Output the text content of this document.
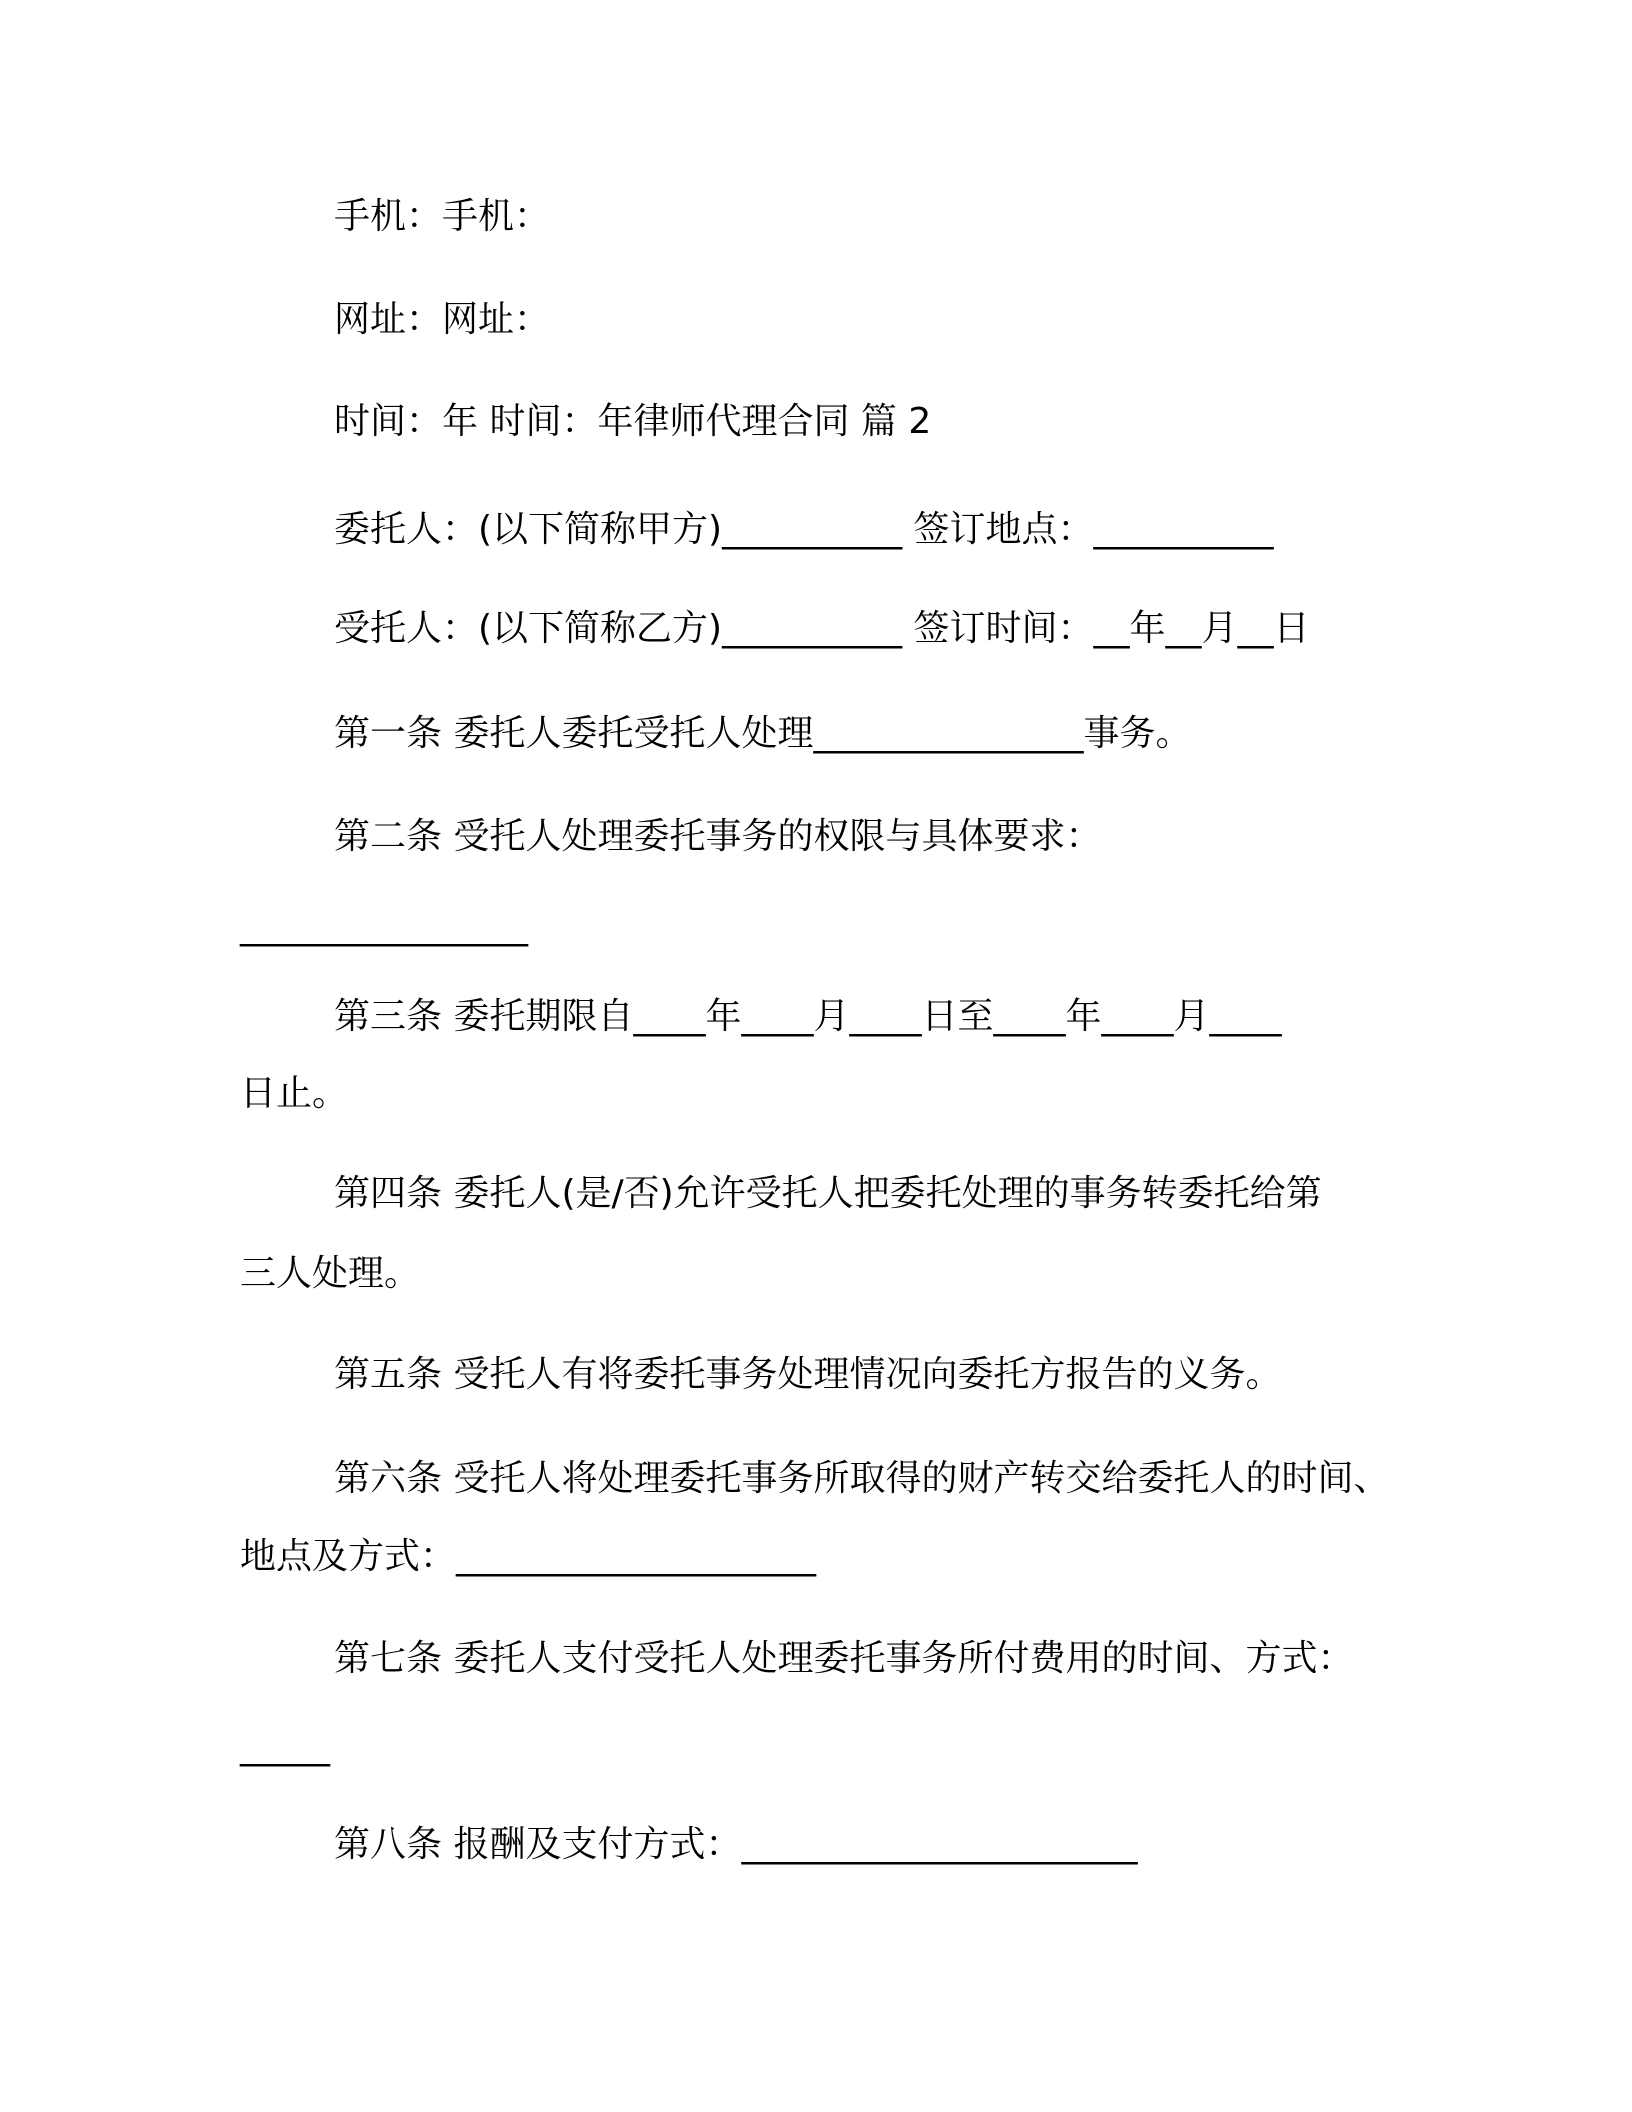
手机：手机：
网址：网址：
时间：年 时间：年律师代理合同 篇 2
委托人：(以下简称甲方)__________ 签订地点：__________
受托人：(以下简称乙方)__________ 签订时间：__年__月__日
第一条 委托人委托受托人处理_______________事务。
第二条 受托人处理委托事务的权限与具体要求：
________________
第三条 委托期限自____年____月____日至____年____月____
日止。
第四条 委托人(是/否)允许受托人把委托处理的事务转委托给第
三人处理。
第五条 受托人有将委托事务处理情况向委托方报告的义务。
第六条 受托人将处理委托事务所取得的财产转交给委托人的时间、
地点及方式：____________________
第七条 委托人支付受托人处理委托事务所付费用的时间、方式：
_____
第八条 报酬及支付方式：______________________
